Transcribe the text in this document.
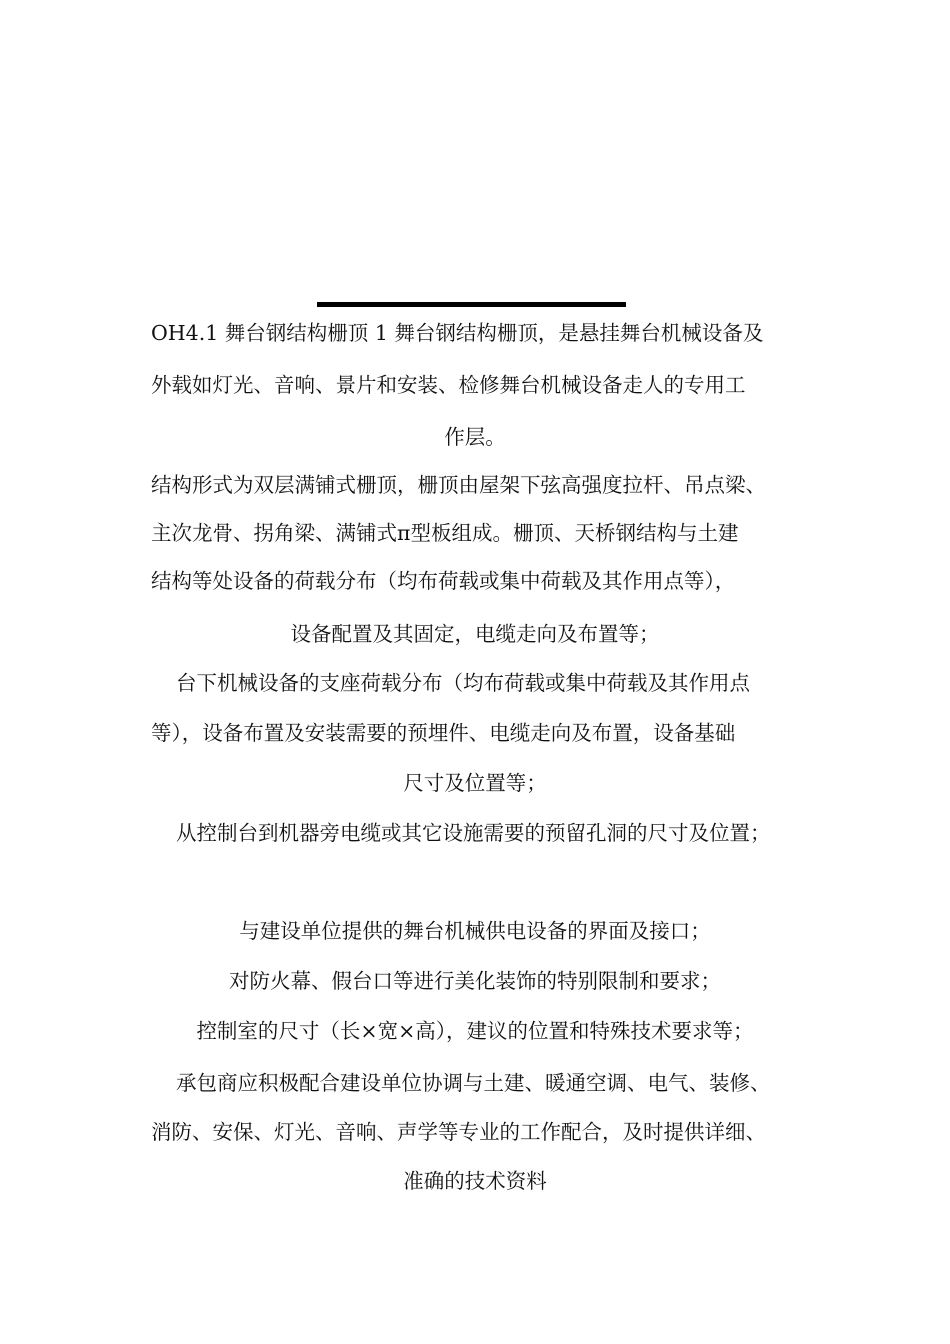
OH4.1 舞台钢结构栅顶 1 舞台钢结构栅顶，是悬挂舞台机械设备及
外载如灯光、音响、景片和安装、检修舞台机械设备走人的专用工
作层。
结构形式为双层满铺式栅顶，栅顶由屋架下弦高强度拉杆、吊点梁、
主次龙骨、拐角梁、满铺式π型板组成。栅顶、天桥钢结构与土建
结构等处设备的荷载分布（均布荷载或集中荷载及其作用点等），
设备配置及其固定，电缆走向及布置等；
台下机械设备的支座荷载分布（均布荷载或集中荷载及其作用点
等），设备布置及安装需要的预埋件、电缆走向及布置，设备基础
尺寸及位置等；
从控制台到机器旁电缆或其它设施需要的预留孔洞的尺寸及位置；
与建设单位提供的舞台机械供电设备的界面及接口；
对防火幕、假台口等进行美化装饰的特别限制和要求；
控制室的尺寸（长×宽×高），建议的位置和特殊技术要求等；
承包商应积极配合建设单位协调与土建、暖通空调、电气、装修、
消防、安保、灯光、音响、声学等专业的工作配合，及时提供详细、
准确的技术资料
